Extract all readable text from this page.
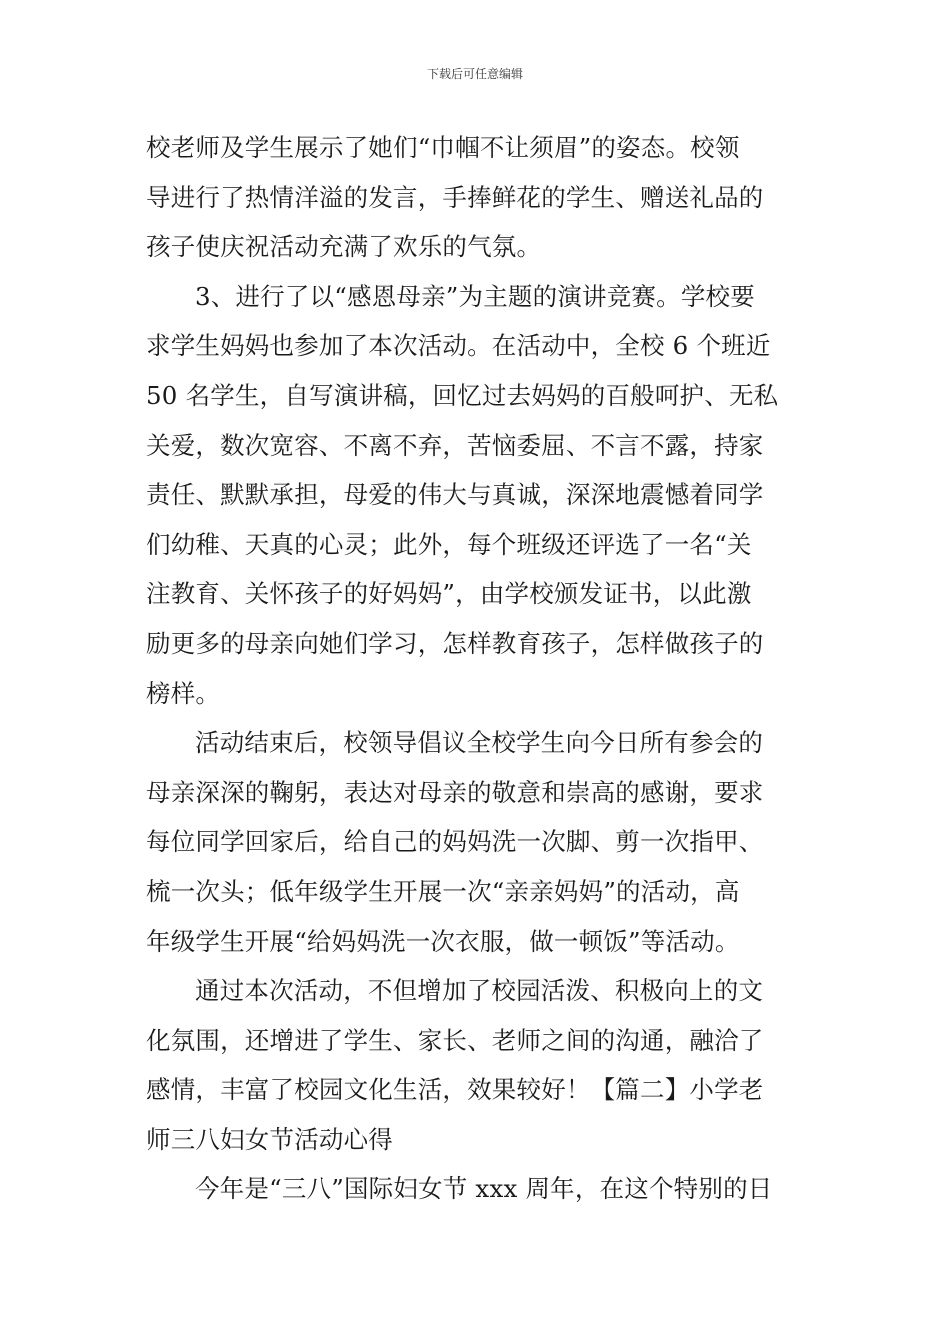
下载后可任意编辑
校老师及学生展示了她们“巾帼不让须眉”的姿态。校领
导进行了热情洋溢的发言，手捧鲜花的学生、赠送礼品的
孩子使庆祝活动充满了欢乐的气氛。
3、进行了以“感恩母亲”为主题的演讲竞赛。学校要
求学生妈妈也参加了本次活动。在活动中，全校 6 个班近
50 名学生，自写演讲稿，回忆过去妈妈的百般呵护、无私
关爱，数次宽容、不离不弃，苦恼委屈、不言不露，持家
责任、默默承担，母爱的伟大与真诚，深深地震憾着同学
们幼稚、天真的心灵；此外，每个班级还评选了一名“关
注教育、关怀孩子的好妈妈”，由学校颁发证书，以此激
励更多的母亲向她们学习，怎样教育孩子，怎样做孩子的
榜样。
活动结束后，校领导倡议全校学生向今日所有参会的
母亲深深的鞠躬，表达对母亲的敬意和崇高的感谢，要求
每位同学回家后，给自己的妈妈洗一次脚、剪一次指甲、
梳一次头；低年级学生开展一次“亲亲妈妈”的活动，高
年级学生开展“给妈妈洗一次衣服，做一顿饭”等活动。
通过本次活动，不但增加了校园活泼、积极向上的文
化氛围，还增进了学生、家长、老师之间的沟通，融洽了
感情，丰富了校园文化生活，效果较好！【篇二】小学老
师三八妇女节活动心得
今年是“三八”国际妇女节 xxx 周年，在这个特别的日
